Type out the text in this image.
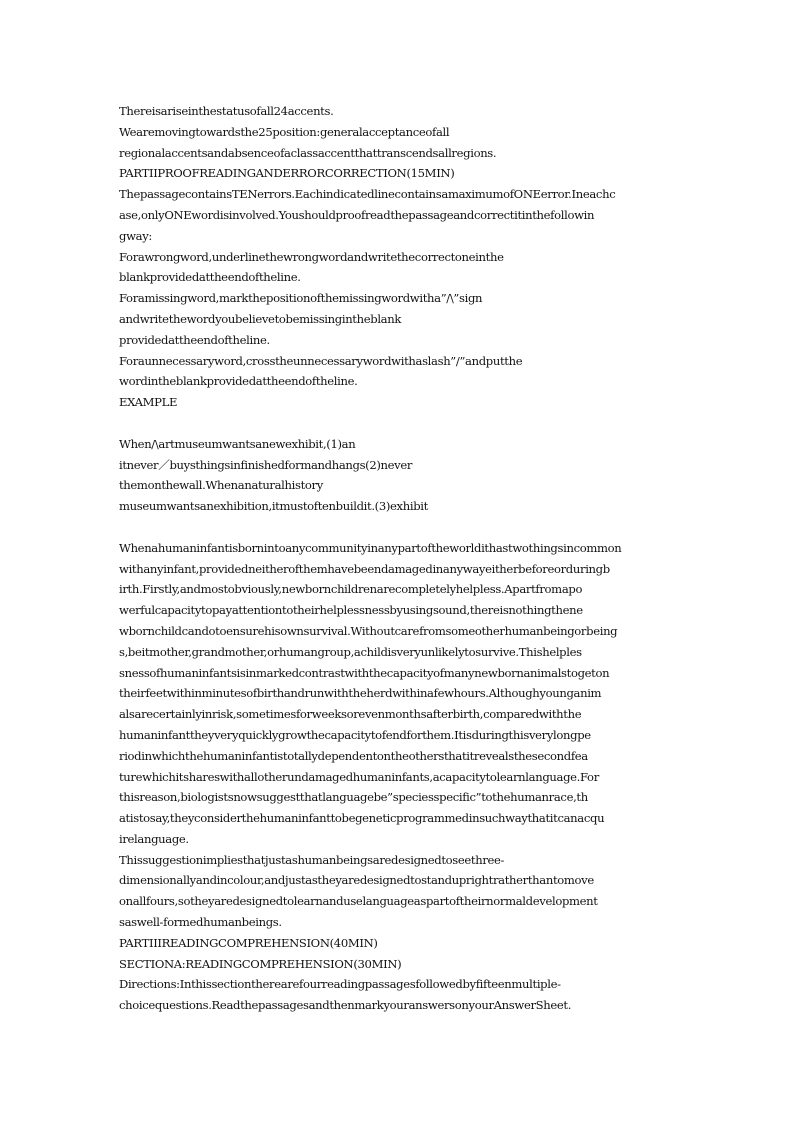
Thereisariseinthestatusofall24accents.
Wearemovingtowardsthe25position:generalacceptanceofall
regionalaccentsandabsenceofaclassaccentthattranscendsallregions.
PARTIIPROOFREADINGANDERRORCORRECTION(15MIN)
ThepassagecontainsTENerrors.EachindicatedlinecontainsamaximumofONEerror.Ineachc
ase,onlyONEwordisinvolved.Youshouldproofreadthepassageandcorrectitinthefollowin
gway:
Forawrongword,underlinethewrongwordandwritethecorrectoneinthe
blankprovidedattheendoftheline.
Foramissingword,markthepositionofthemissingwordwitha”/\”sign
andwritethewordyoubelievetobemissingintheblank
providedattheendoftheline.
Foraunnecessaryword,crosstheunnecessarywordwithaslash”/”andputthe
wordintheblankprovidedattheendoftheline.
EXAMPLE
When/\artmuseumwantsanewexhibit,(1)an
itnever／buysthingsinfinishedformandhangs(2)never
themonthewall.Whenanaturalhistory
museumwantsanexhibition,itmustoftenbuildit.(3)exhibit
Whenahumaninfantisbornintoanycommunityinanypartoftheworldithastwothingsincommon
withanyinfant,providedneitherofthemhavebeendamagedinanywayeitherbeforeorduringb
irth.Firstly,andmostobviously,newbornchildrenarecompletelyhelpless.Apartfromapo
werfulcapacitytopayattentiontotheirhelplessnessbyusingsound,thereisnothingthene
wbornchildcandotoensurehisownsurvival.Withoutcarefromsomeotherhumanbeingorbeing
s,beitmother,grandmother,orhumangroup,achildisveryunlikelytosurvive.Thishelples
snessofhumaninfantsisinmarkedcontrastwiththecapacityofmanynewbornanimalstogeton
theirfeetwithinminutesofbirthandrunwiththeherdwithinafewhours.Althoughyounganim
alsarecertainlyinrisk,sometimesforweeksorevenmonthsafterbirth,comparedwiththe
humaninfanttheyveryquicklygrowthecapacitytofendforthem.Itisduringthisverylongpe
riodinwhichthehumaninfantistotallydependentontheothersthatitrevealsthesecondfea
turewhichitshareswithallotherundamagedhumaninfants,acapacitytolearnlanguage.For
thisreason,biologistsnowsuggestthatlanguagebe”speciesspecific”tothehumanrace,th
atistosay,theyconsiderthehumaninfanttobegeneticprogrammedinsuchwaythatitcanacqu
irelanguage.
Thissuggestionimpliesthatjustashumanbeingsaredesignedtoseethree-
dimensionallyandincolour,andjustastheyaredesignedtostanduprightratherthantomove
onallfours,sotheyaredesignedtolearnanduselanguageaspartoftheirnormaldevelopment
saswell-formedhumanbeings.
PARTIIIREADINGCOMPREHENSION(40MIN)
SECTIONA:READINGCOMPREHENSION(30MIN)
Directions:Inthissectiontherearefourreadingpassagesfollowedbyfifteenmultiple-
choicequestions.ReadthepassagesandthenmarkyouranswersonyourAnswerSheet.
